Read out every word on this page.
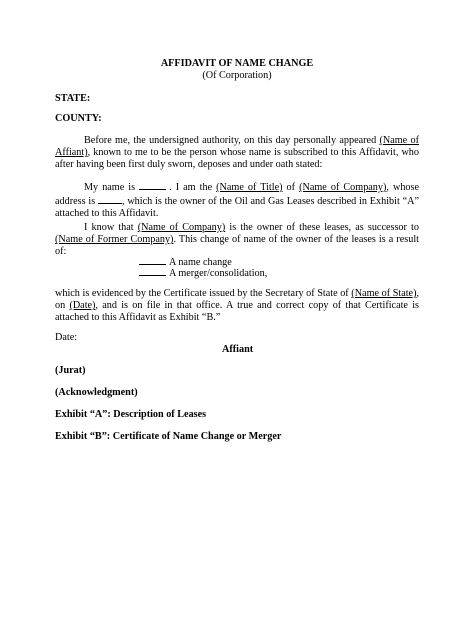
AFFIDAVIT OF NAME CHANGE
(Of Corporation)
STATE:
COUNTY:
Before me, the undersigned authority, on this day personally appeared (Name of Affiant), known to me to be the person whose name is subscribed to this Affidavit, who after having been first duly sworn, deposes and under oath stated:
My name is	. I am the (Name of Title) of (Name of Company), whose address is , which is the owner of the Oil and Gas Leases described in Exhibit “A” attached to this Affidavit.
I know that (Name of Company) is the owner of these leases, as successor to (Name of Former Company). This change of name of the owner of the leases is a result of:
A name change
A merger/consolidation,
which is evidenced by the Certificate issued by the Secretary of State of (Name of State), on (Date), and is on file in that office. A true and correct copy of that Certificate is attached to this Affidavit as Exhibit “B.”
Date:
Affiant
(Jurat)
(Acknowledgment)
Exhibit “A”: Description of Leases
Exhibit “B”: Certificate of Name Change or Merger
